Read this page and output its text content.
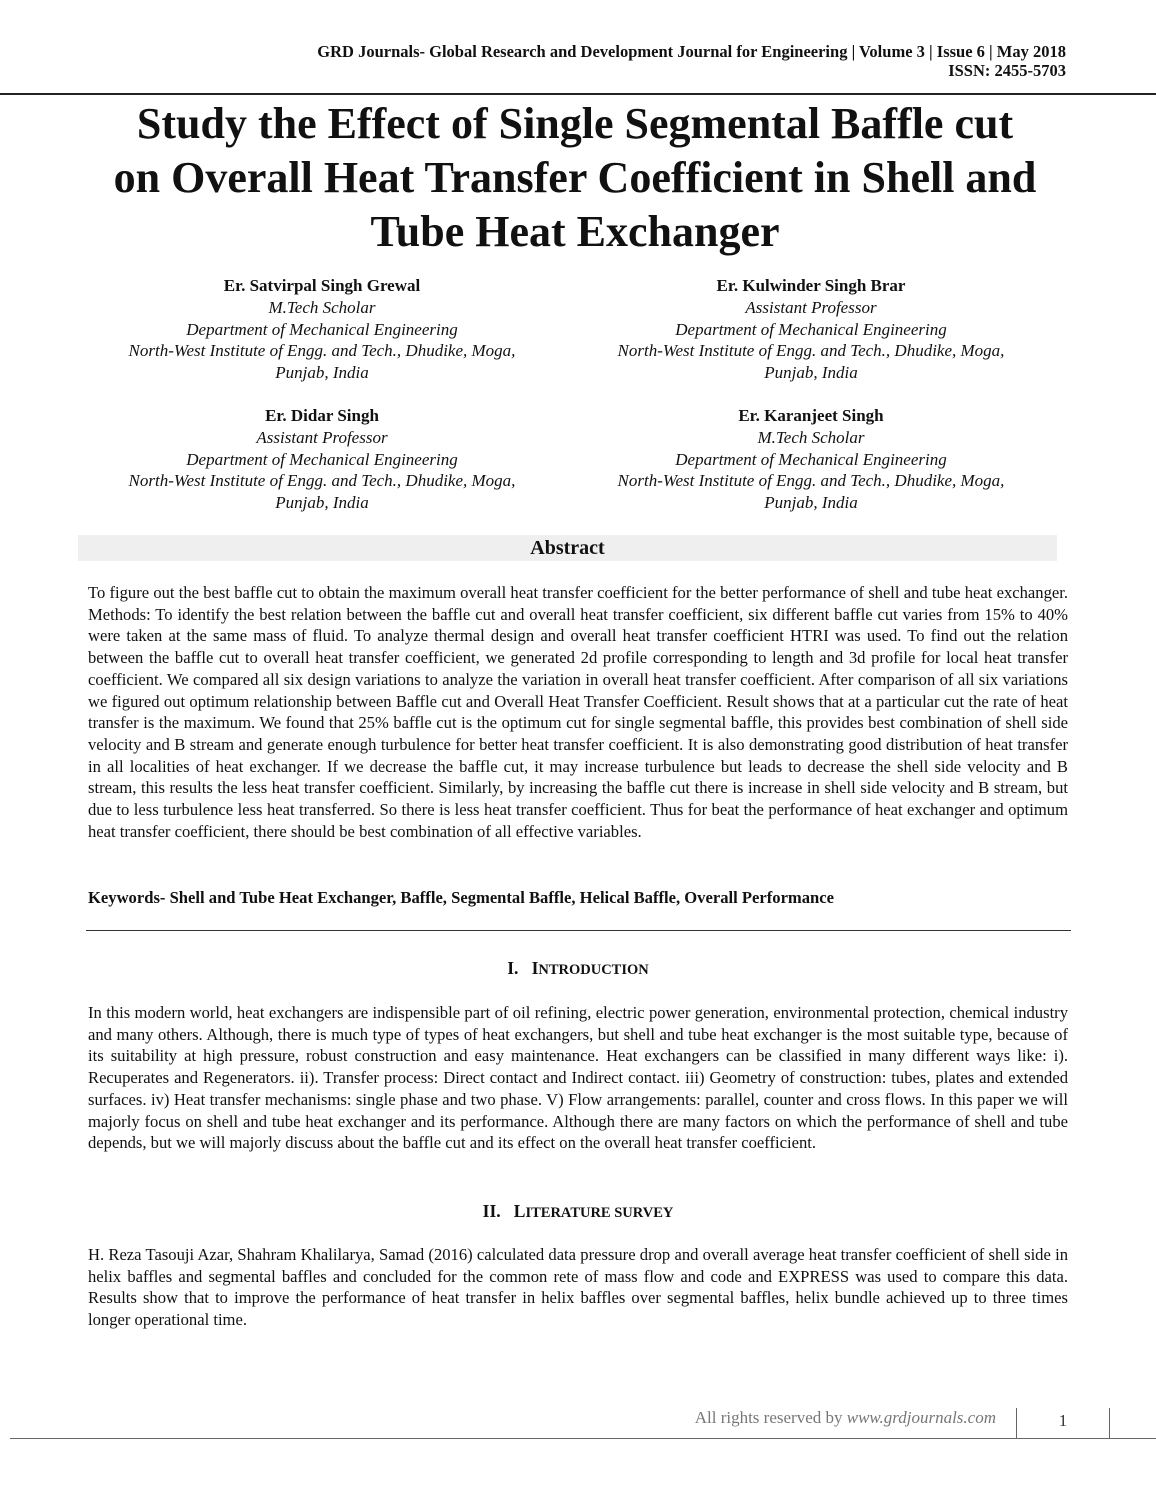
GRD Journals- Global Research and Development Journal for Engineering | Volume 3 | Issue 6 | May 2018
ISSN: 2455-5703
Study the Effect of Single Segmental Baffle cut
on Overall Heat Transfer Coefficient in Shell and
Tube Heat Exchanger
Er. Satvirpal Singh Grewal
M.Tech Scholar
Department of Mechanical Engineering
North-West Institute of Engg. and Tech., Dhudike, Moga,
Punjab, India
Er. Kulwinder Singh Brar
Assistant Professor
Department of Mechanical Engineering
North-West Institute of Engg. and Tech., Dhudike, Moga,
Punjab, India
Er. Didar Singh
Assistant Professor
Department of Mechanical Engineering
North-West Institute of Engg. and Tech., Dhudike, Moga,
Punjab, India
Er. Karanjeet Singh
M.Tech Scholar
Department of Mechanical Engineering
North-West Institute of Engg. and Tech., Dhudike, Moga,
Punjab, India
Abstract
To figure out the best baffle cut to obtain the maximum overall heat transfer coefficient for the better performance of shell and tube heat exchanger. Methods: To identify the best relation between the baffle cut and overall heat transfer coefficient, six different baffle cut varies from 15% to 40% were taken at the same mass of fluid. To analyze thermal design and overall heat transfer coefficient HTRI was used. To find out the relation between the baffle cut to overall heat transfer coefficient, we generated 2d profile corresponding to length and 3d profile for local heat transfer coefficient. We compared all six design variations to analyze the variation in overall heat transfer coefficient. After comparison of all six variations we figured out optimum relationship between Baffle cut and Overall Heat Transfer Coefficient. Result shows that at a particular cut the rate of heat transfer is the maximum. We found that 25% baffle cut is the optimum cut for single segmental baffle, this provides best combination of shell side velocity and B stream and generate enough turbulence for better heat transfer coefficient. It is also demonstrating good distribution of heat transfer in all localities of heat exchanger. If we decrease the baffle cut, it may increase turbulence but leads to decrease the shell side velocity and B stream, this results the less heat transfer coefficient. Similarly, by increasing the baffle cut there is increase in shell side velocity and B stream, but due to less turbulence less heat transferred. So there is less heat transfer coefficient. Thus for beat the performance of heat exchanger and optimum heat transfer coefficient, there should be best combination of all effective variables.
Keywords- Shell and Tube Heat Exchanger, Baffle, Segmental Baffle, Helical Baffle, Overall Performance
I. INTRODUCTION
In this modern world, heat exchangers are indispensible part of oil refining, electric power generation, environmental protection, chemical industry and many others. Although, there is much type of types of heat exchangers, but shell and tube heat exchanger is the most suitable type, because of its suitability at high pressure, robust construction and easy maintenance. Heat exchangers can be classified in many different ways like: i). Recuperates and Regenerators. ii). Transfer process: Direct contact and Indirect contact. iii) Geometry of construction: tubes, plates and extended surfaces. iv) Heat transfer mechanisms: single phase and two phase. V) Flow arrangements: parallel, counter and cross flows. In this paper we will majorly focus on shell and tube heat exchanger and its performance. Although there are many factors on which the performance of shell and tube depends, but we will majorly discuss about the baffle cut and its effect on the overall heat transfer coefficient.
II. LITERATURE SURVEY
H. Reza Tasouji Azar, Shahram Khalilarya, Samad (2016) calculated data pressure drop and overall average heat transfer coefficient of shell side in helix baffles and segmental baffles and concluded for the common rete of mass flow and code and EXPRESS was used to compare this data. Results show that to improve the performance of heat transfer in helix baffles over segmental baffles, helix bundle achieved up to three times longer operational time.
All rights reserved by www.grdjournals.com	1
